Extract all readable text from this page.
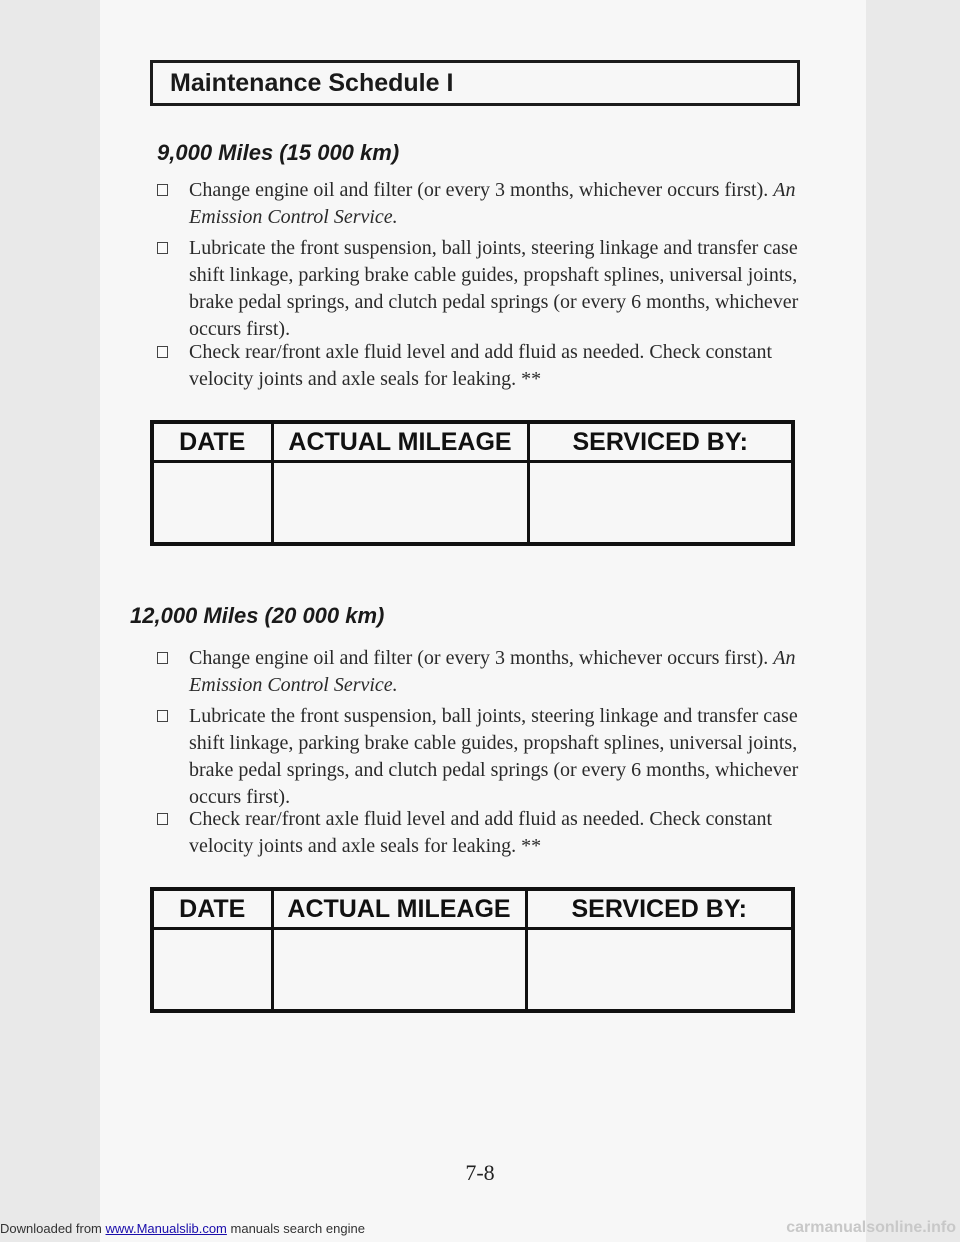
Maintenance Schedule I
9,000 Miles (15 000 km)
Change engine oil and filter (or every 3 months, whichever occurs first). An Emission Control Service.
Lubricate the front suspension, ball joints, steering linkage and transfer case shift linkage, parking brake cable guides, propshaft splines, universal joints, brake pedal springs, and clutch pedal springs (or every 6 months, whichever occurs first).
Check rear/front axle fluid level and add fluid as needed. Check constant velocity joints and axle seals for leaking. **
DATE	ACTUAL MILEAGE	SERVICED BY:

12,000 Miles (20 000 km)
Change engine oil and filter (or every 3 months, whichever occurs first). An Emission Control Service.
Lubricate the front suspension, ball joints, steering linkage and transfer case shift linkage, parking brake cable guides, propshaft splines, universal joints, brake pedal springs, and clutch pedal springs (or every 6 months, whichever occurs first).
Check rear/front axle fluid level and add fluid as needed. Check constant velocity joints and axle seals for leaking. **
DATE	ACTUAL MILEAGE	SERVICED BY:

7-8
Downloaded from www.Manualslib.com manuals search engine	carmanualsonline.info
